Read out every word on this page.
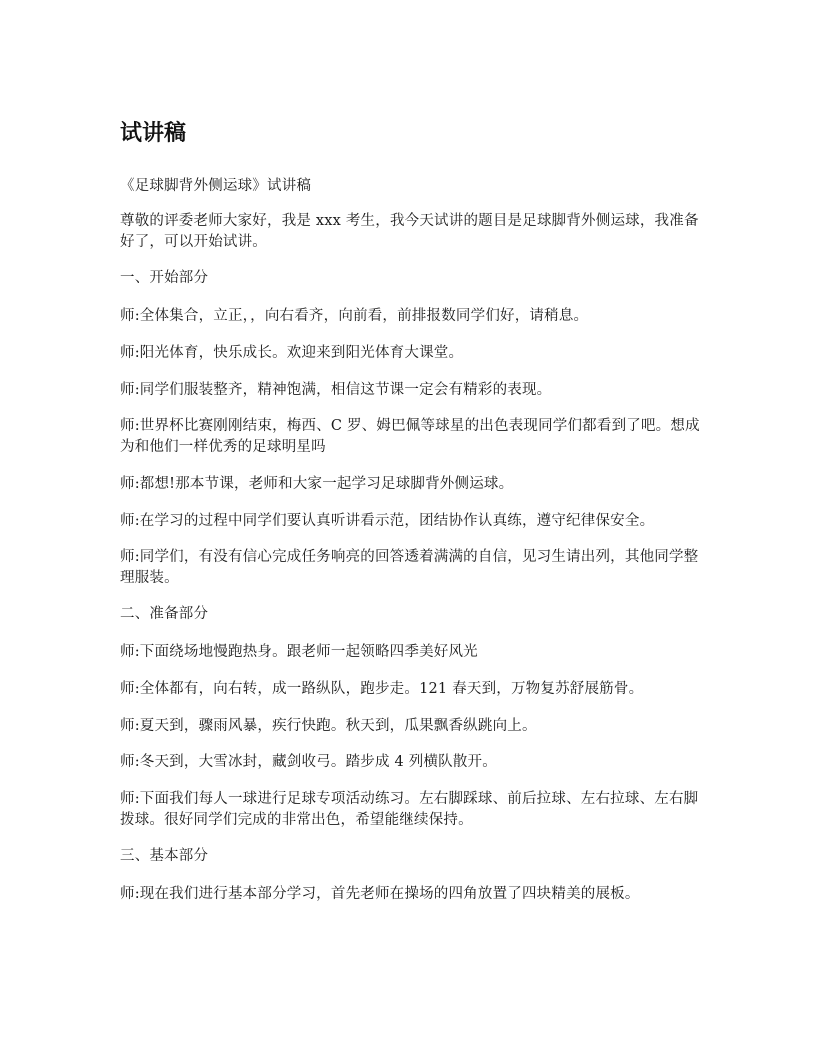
试讲稿

《足球脚背外侧运球》试讲稿

尊敬的评委老师大家好，我是 xxx 考生，我今天试讲的题目是足球脚背外侧运球，我准备好了，可以开始试讲。

一、开始部分

师:全体集合，立正，，向右看齐，向前看，前排报数同学们好，请稍息。

师:阳光体育，快乐成长。欢迎来到阳光体育大课堂。

师:同学们服装整齐，精神饱满，相信这节课一定会有精彩的表现。

师:世界杯比赛刚刚结束，梅西、C 罗、姆巴佩等球星的出色表现同学们都看到了吧。想成为和他们一样优秀的足球明星吗

师:都想!那本节课，老师和大家一起学习足球脚背外侧运球。

师:在学习的过程中同学们要认真听讲看示范，团结协作认真练，遵守纪律保安全。

师:同学们，有没有信心完成任务响亮的回答透着满满的自信，见习生请出列，其他同学整理服装。

二、准备部分

师:下面绕场地慢跑热身。跟老师一起领略四季美好风光

师:全体都有，向右转，成一路纵队，跑步走。121 春天到，万物复苏舒展筋骨。

师:夏天到，骤雨风暴，疾行快跑。秋天到，瓜果飘香纵跳向上。

师:冬天到，大雪冰封，藏剑收弓。踏步成 4 列横队散开。

师:下面我们每人一球进行足球专项活动练习。左右脚踩球、前后拉球、左右拉球、左右脚拨球。很好同学们完成的非常出色，希望能继续保持。

三、基本部分

师:现在我们进行基本部分学习，首先老师在操场的四角放置了四块精美的展板。
